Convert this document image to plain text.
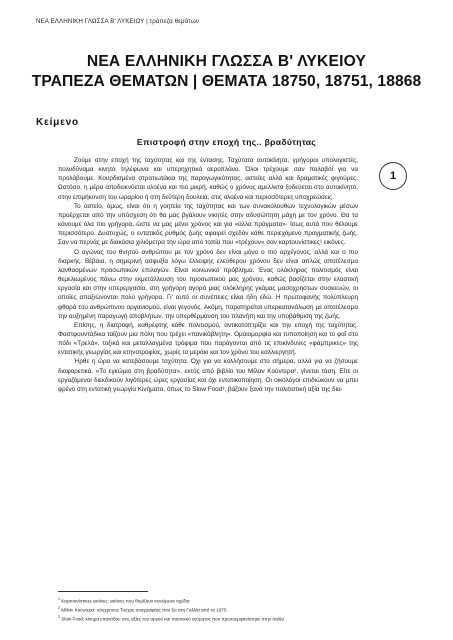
ΝΕΑ ΕΛΛΗΝΙΚΗ ΓΛΩΣΣΑ Β' ΛΥΚΕΙΟΥ | τράπεζα θεμάτων
ΝΕΑ ΕΛΛΗΝΙΚΗ ΓΛΩΣΣΑ Β' ΛΥΚΕΙΟΥ
ΤΡΑΠΕΖΑ ΘΕΜΑΤΩΝ | ΘΕΜΑΤΑ 18750, 18751, 18868
Κείμενο
Επιστροφή στην εποχή της.. βραδύτητας
1

Ζούμε στην εποχή της ταχύτητας και της έντασης. Ταχύτατα αυτοκίνητα, γρήγοροι υπολογιστές, πολυδύναμα κινητά τηλέφωνα και υπερηχητικά αεροπλάνα. Όλοι τρέχουμε σαν παλαβοί για να προλάβουμε. Κουρδισμένα στρατιωτάκια της παραγωγικότητας, αστείες αλλά και δραματικές φιγούρες. Ωστόσο, η μέρα αποδεικνύεται ολοένα και πιο μικρή, καθώς ο χρόνος αμελλκτα ξοδεύεται στο αυτοκίνητο, στην επιμήκυνση του ωραρίου ή στη δεύτερη δουλειά, στις ολοένα και περισσότερες υποχρεώσεις.

Το αστείο, όμως, είναι ότι η γοητεία της ταχύτητας και των συνακόλουθων τεχνολογικών μέσων προέρχεται από την υπόσχεση ότι θα μας βγάλουν νικητές στην αδυσώπητη μάχη με τον χρόνο. Θα τα κάνουμε όλα πιο γρήγορα, ώστε να μας μένει χρόνος και για «άλλα πράγματα»· ίσως αυτά που θέλουμε περισσότερο. Δυστυχώς, ο εντατικός ρυθμός ζωής αφαιρεί σχεδόν κάθε περιεχόμενο πραγματικής ζωής. Σαν να περνάς με διακόσια χιλιόμετρα την ώρα από τοπία που «τρέχουν» σαν καρτουνίστικες¹ εικόνες.

Ο αγώνας του θνητού ανθρώπου με τον χρόνο δεν είναι μόνο ο πιο αρχέγονος, αλλά και ο πιο διαρκής. Βέβαια, η σημερινή ασφυξία λόγω έλλειψης ελεύθερου χρόνου δεν είναι απλώς αποτέλεσμα λανθασμένων προσωπικών επιλογών. Είναι κοινωνικό πρόβλημα. Ένας ολόκληρος πολιτισμός είναι θεμελιωμένος πάνω στην εκμετάλλευση του προσωπικού μας χρόνου, καθώς βασίζεται στην ελαστική εργασία και στην υπερεργασία, στη γρήγορη αγορά μιας ολόκληρης γκάμας μασοχρηστων συσκευών, οι οποίες απαξιώνονται πολύ γρήγορα. Γι' αυτό οι συνέπειες είναι ήδη εδώ. Η πρωτοφανής πολύπλευρη φθορά του ανθρώπινου οργανισμού, είναι γεγονός. Ακόμη, παρατηρείται υπερκατανάλωση με αποτέλεσμα την αυξημένη παραγωγή αποβλήτων, την υπερθέρμανση του πλανήτη και την υποβάθμιση της ζωής.

Επίσης, η διατροφή, καθρέφτης κάθε πολιτισμού, αντικατοπτρίζει και την εποχή της ταχύτητας. Φαστφουντάδικα ταΐζουν μια πόλη που τρέχει «πανικόβλητη». Ομοιομορφία και τυποποίηση και το φαΐ στο πόδι «Τρελά», τοξικά και μεταλλαγμένα τρόφιμα που παράγονται από τις επικίνδυνες «φάμπρικες» της εντατικής γεωργίας και κτηνοτροφίας, χωρίς το μεράκι και τον χρόνο του καλλιεργητή.

Ήρθε η ώρα να κατεβάσουμε ταχύτητα. Όχι για να κολλήσουμε στο σήμερα, αλλά για να ζήσουμε διαφορετικά. «Το εγκώμιο στη βραδύτητα», εκτός από βιβλίο του Μίλαν Κούντερα², γίνεται τάση. Είτε οι εργαζόμενοι διεκδικούν λιγότερες ώρες εργασίας και όχι εντατικοποίηση. Οι οικολόγοι επιδιώκουν να μπει φρένο στη εντατική γεωργία Κινήματα, όπως το Slow Food³, βάζουν ξανά την πολιτιστική αξία της δια-

$^1$ Καρτουνίστικες εικόνες: εικόνες που θυμίζουν κινούμενα σχέδια
$^2$ Μίλαν Κούντερα: σύγχρονος Τσέχος συγγραφέας που ζει στη Γαλλία από το 1975
$^3$ Slow Food: κίνημα επανόδου στις αξίες του αργού και ποιοτικού γεύματος που πρωτοεμφανίστηκε στην Ιταλία
